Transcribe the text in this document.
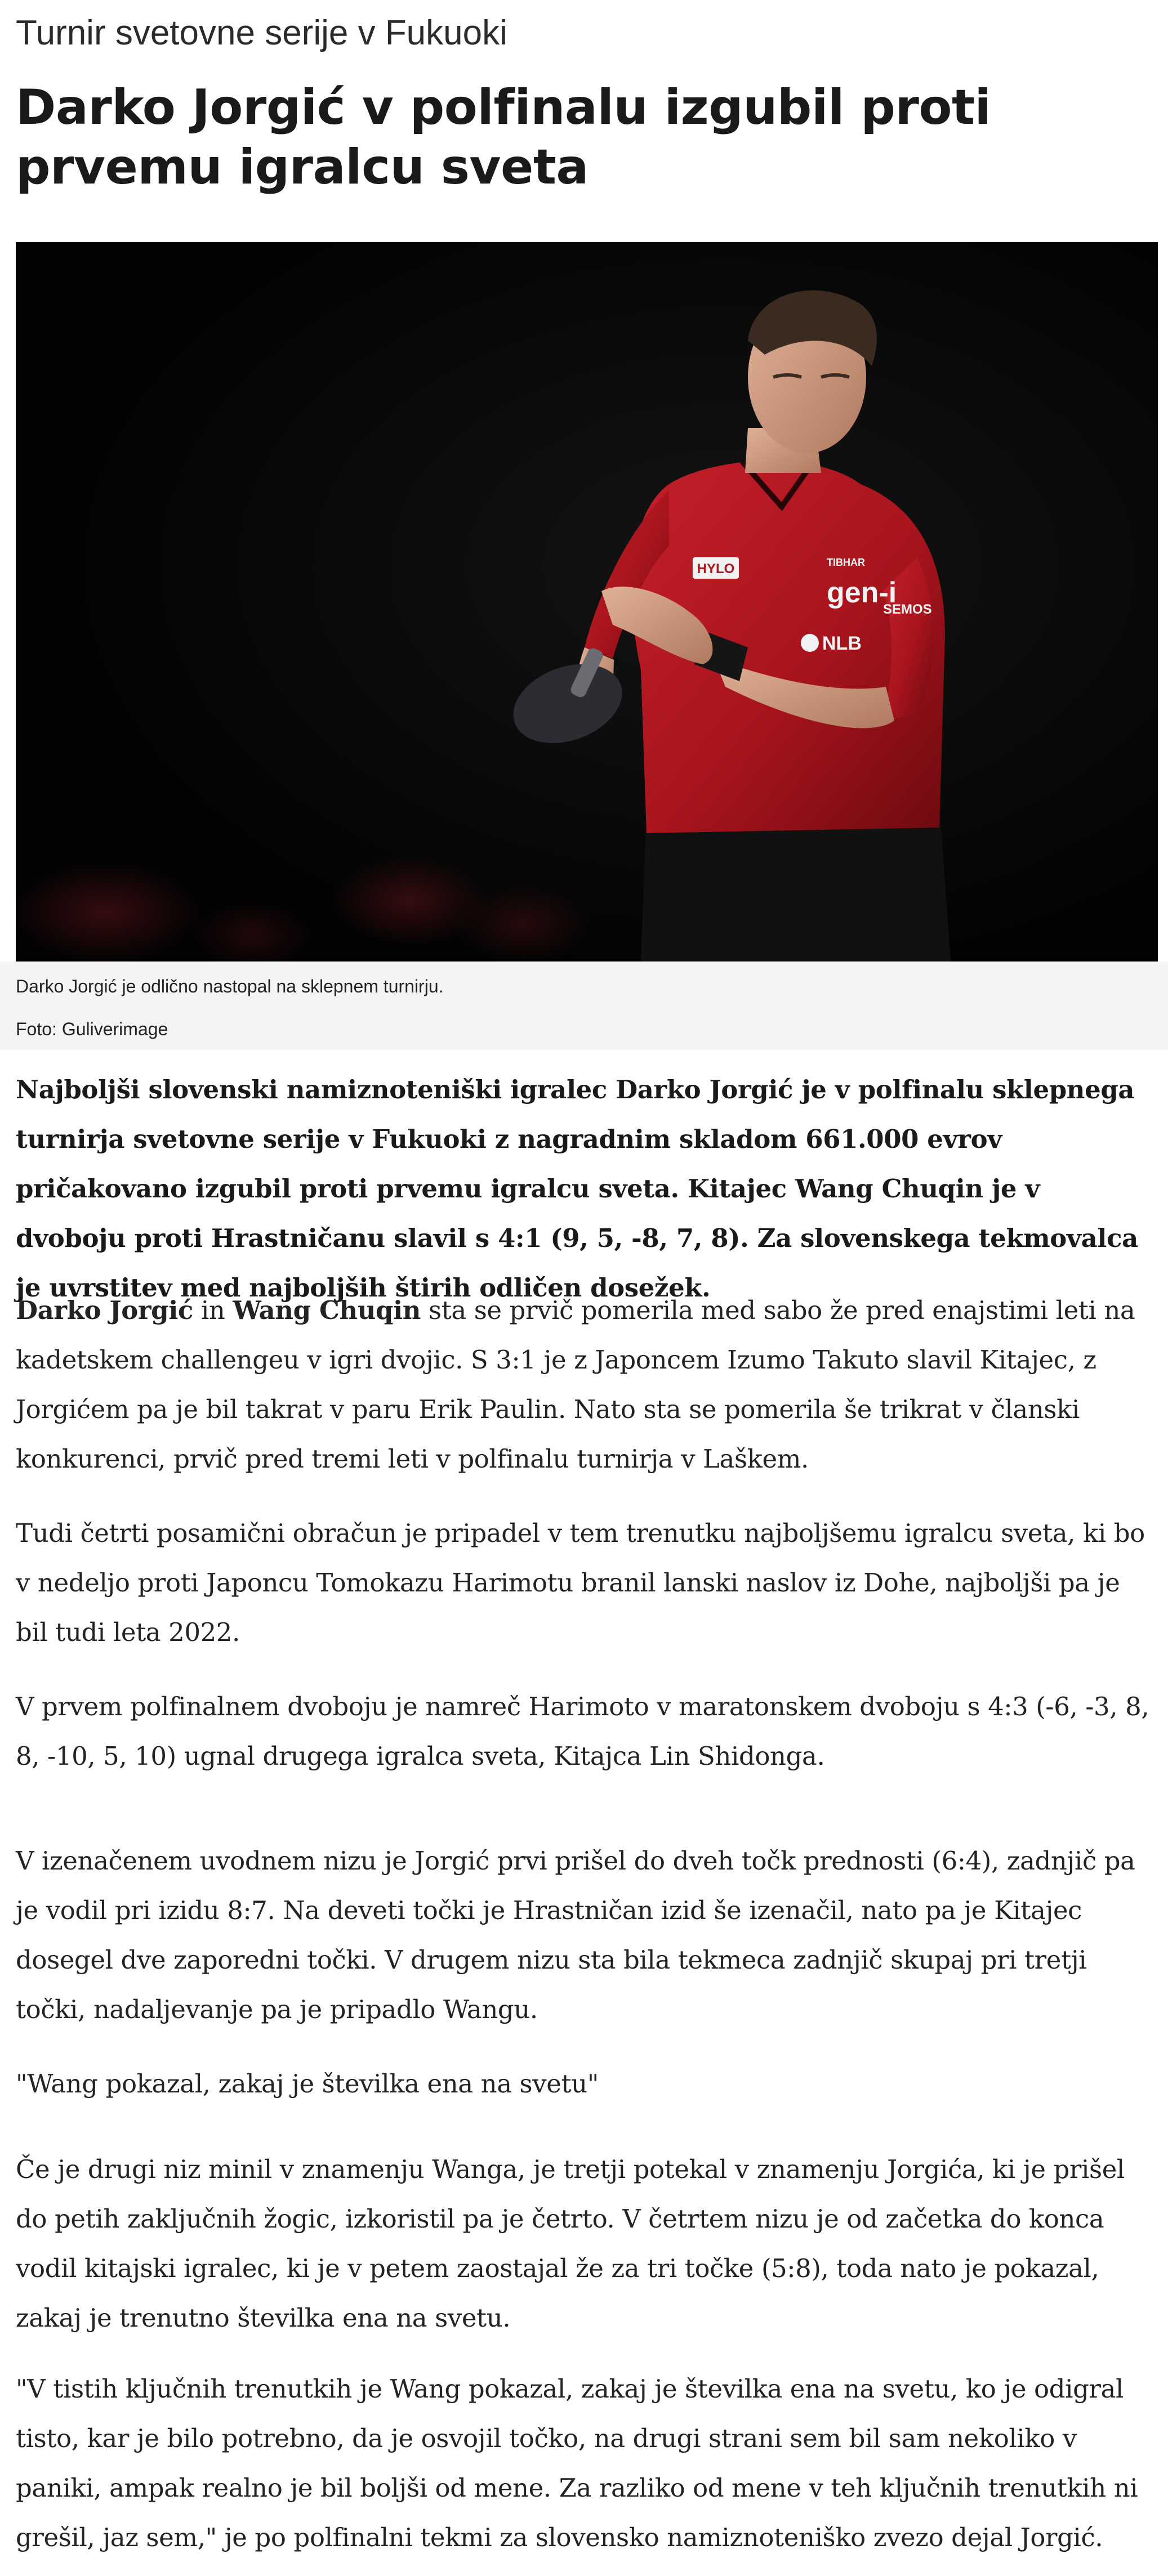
Turnir svetovne serije v Fukuoki
Darko Jorgić v polfinalu izgubil proti prvemu igralcu sveta
HYLO	TIBHAR
gen-i
SEMOS
NLB
Darko Jorgić je odlično nastopal na sklepnem turnirju.
Foto: Guliverimage

Najboljši slovenski namiznoteniški igralec Darko Jorgić je v polfinalu sklepnega turnirja svetovne serije v Fukuoki z nagradnim skladom 661.000 evrov pričakovano izgubil proti prvemu igralcu sveta. Kitajec Wang Chuqin je v dvoboju proti Hrastničanu slavil s 4:1 (9, 5, -8, 7, 8). Za slovenskega tekmovalca je uvrstitev med najboljših štirih odličen dosežek.

Darko Jorgić in Wang Chuqin sta se prvič pomerila med sabo že pred enajstimi leti na kadetskem challengeu v igri dvojic. S 3:1 je z Japoncem Izumo Takuto slavil Kitajec, z Jorgićem pa je bil takrat v paru Erik Paulin. Nato sta se pomerila še trikrat v članski konkurenci, prvič pred tremi leti v polfinalu turnirja v Laškem.

Tudi četrti posamični obračun je pripadel v tem trenutku najboljšemu igralcu sveta, ki bo v nedeljo proti Japoncu Tomokazu Harimotu branil lanski naslov iz Dohe, najboljši pa je bil tudi leta 2022.

V prvem polfinalnem dvoboju je namreč Harimoto v maratonskem dvoboju s 4:3 (-6, -3, 8, 8, -10, 5, 10) ugnal drugega igralca sveta, Kitajca Lin Shidonga.

V izenačenem uvodnem nizu je Jorgić prvi prišel do dveh točk prednosti (6:4), zadnjič pa je vodil pri izidu 8:7. Na deveti točki je Hrastničan izid še izenačil, nato pa je Kitajec dosegel dve zaporedni točki. V drugem nizu sta bila tekmeca zadnjič skupaj pri tretji točki, nadaljevanje pa je pripadlo Wangu.

"Wang pokazal, zakaj je številka ena na svetu"

Če je drugi niz minil v znamenju Wanga, je tretji potekal v znamenju Jorgića, ki je prišel do petih zaključnih žogic, izkoristil pa je četrto. V četrtem nizu je od začetka do konca vodil kitajski igralec, ki je v petem zaostajal že za tri točke (5:8), toda nato je pokazal, zakaj je trenutno številka ena na svetu.

"V tistih ključnih trenutkih je Wang pokazal, zakaj je številka ena na svetu, ko je odigral tisto, kar je bilo potrebno, da je osvojil točko, na drugi strani sem bil sam nekoliko v paniki, ampak realno je bil boljši od mene. Za razliko od mene v teh ključnih trenutkih ni grešil, jaz sem," je po polfinalni tekmi za slovensko namiznoteniško zvezo dejal Jorgić.
